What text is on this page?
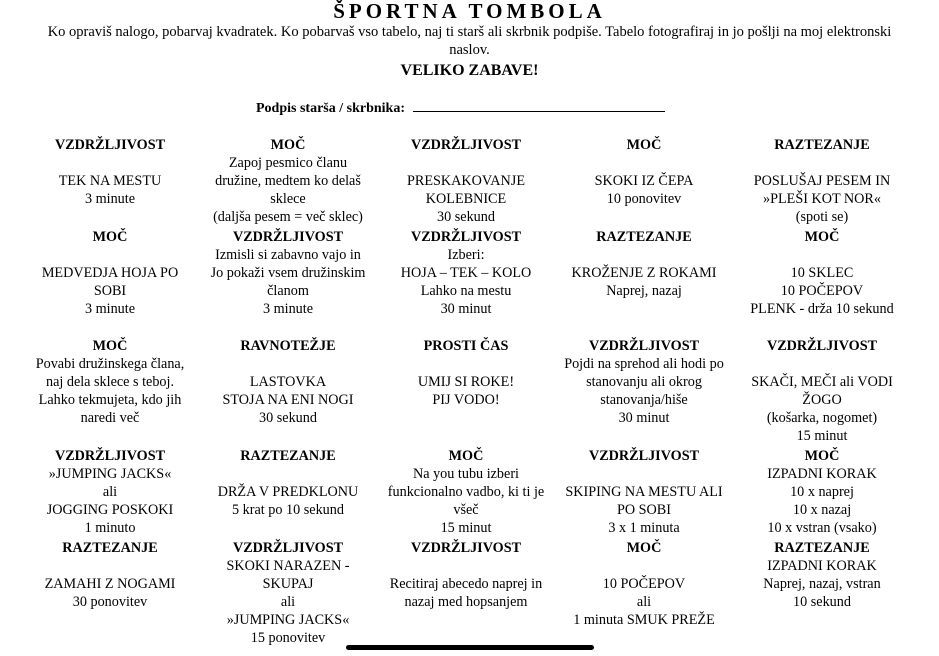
ŠPORTNA TOMBOLA
Ko opraviš nalogo, pobarvaj kvadratek. Ko pobarvaš vso tabelo, naj ti starš ali skrbnik podpiše. Tabelo fotografiraj in jo pošlji na moj elektronski naslov.
VELIKO ZABAVE!
Podpis starša / skrbnika:
VZDRŽLJIVOST

TEK NA MESTU
3 minute
MOČ
Zapoj pesmico članu
družine, medtem ko delaš
sklece
(daljša pesem = več sklec)
VZDRŽLJIVOST

PRESKAKOVANJE
KOLEBNICE
30 sekund
MOČ

SKOKI IZ ČEPA
10 ponovitev
RAZTEZANJE

POSLUŠAJ PESEM IN
»PLEŠI KOT NOR«
(spoti se)
MOČ

MEDVEDJA HOJA PO
SOBI
3 minute
VZDRŽLJIVOST
Izmisli si zabavno vajo in
Jo pokaži vsem družinskim
članom
3 minute
VZDRŽLJIVOST
Izberi:
HOJA – TEK – KOLO
Lahko na mestu
30 minut
RAZTEZANJE

KROŽENJE Z ROKAMI
Naprej, nazaj
MOČ

10 SKLEC
10 POČEPOV
PLENK - drža 10 sekund
MOČ
Povabi družinskega člana,
naj dela sklece s teboj.
Lahko tekmujeta, kdo jih
naredi več
RAVNOTEŽJE

LASTOVKA
STOJA NA ENI NOGI
30 sekund
PROSTI ČAS

UMIJ SI ROKE!
PIJ VODO!
VZDRŽLJIVOST
Pojdi na sprehod ali hodi po
stanovanju ali okrog
stanovanja/hiše
30 minut
VZDRŽLJIVOST

SKAČI, MEČI ali VODI
ŽOGO
(košarka, nogomet)
15 minut
VZDRŽLJIVOST
»JUMPING JACKS«
ali
JOGGING POSKOKI
1 minuto
RAZTEZANJE

DRŽA V PREDKLONU
5 krat po 10 sekund
MOČ
Na you tubu izberi
funkcionalno vadbo, ki ti je
všeč
15 minut
VZDRŽLJIVOST

SKIPING NA MESTU ALI
PO SOBI
3 x 1 minuta
MOČ
IZPADNI KORAK
10 x naprej
10 x nazaj
10 x vstran (vsako)
RAZTEZANJE

ZAMAHI Z NOGAMI
30 ponovitev
VZDRŽLJIVOST
SKOKI NARAZEN -
SKUPAJ
ali
»JUMPING JACKS«
15 ponovitev
VZDRŽLJIVOST

Recitiraj abecedo naprej in
nazaj med hopsanjem
MOČ

10 POČEPOV
ali
1 minuta SMUK PREŽE
RAZTEZANJE
IZPADNI KORAK
Naprej, nazaj, vstran
10 sekund
